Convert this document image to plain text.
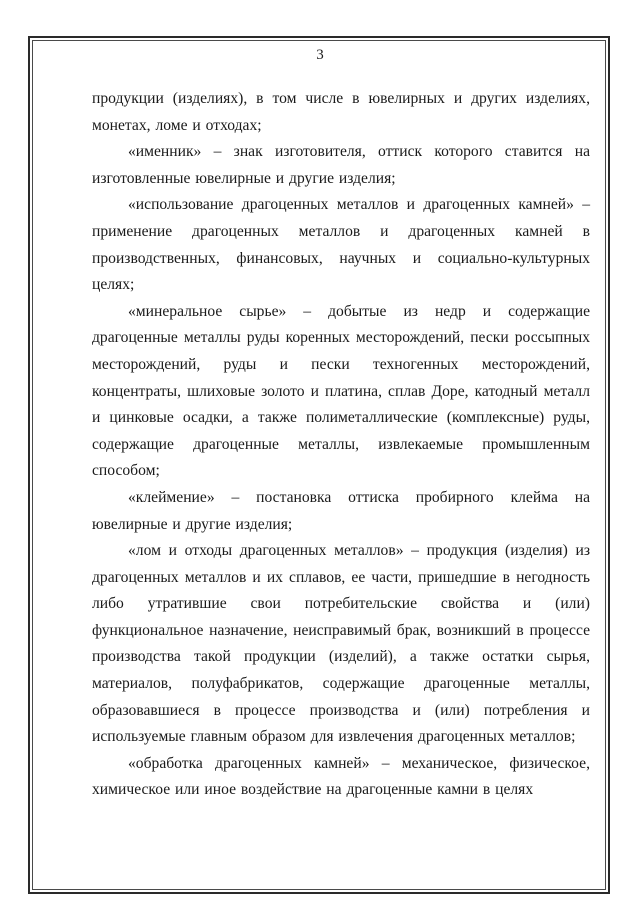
3

продукции (изделиях), в том числе в ювелирных и других изделиях, монетах, ломе и отходах;

«именник» – знак изготовителя, оттиск которого ставится на изготовленные ювелирные и другие изделия;

«использование драгоценных металлов и драгоценных камней» – применение драгоценных металлов и драгоценных камней в производственных, финансовых, научных и социально-культурных целях;

«минеральное сырье» – добытые из недр и содержащие драгоценные металлы руды коренных месторождений, пески россыпных месторождений, руды и пески техногенных месторождений, концентраты, шлиховые золото и платина, сплав Доре, катодный металл и цинковые осадки, а также полиметаллические (комплексные) руды, содержащие драгоценные металлы, извлекаемые промышленным способом;

«клеймение» – постановка оттиска пробирного клейма на ювелирные и другие изделия;

«лом и отходы драгоценных металлов» – продукция (изделия) из драгоценных металлов и их сплавов, ее части, пришедшие в негодность либо утратившие свои потребительские свойства и (или) функциональное назначение, неисправимый брак, возникший в процессе производства такой продукции (изделий), а также остатки сырья, материалов, полуфабрикатов, содержащие драгоценные металлы, образовавшиеся в процессе производства и (или) потребления и используемые главным образом для извлечения драгоценных металлов;

«обработка драгоценных камней» – механическое, физическое, химическое или иное воздействие на драгоценные камни в целях
